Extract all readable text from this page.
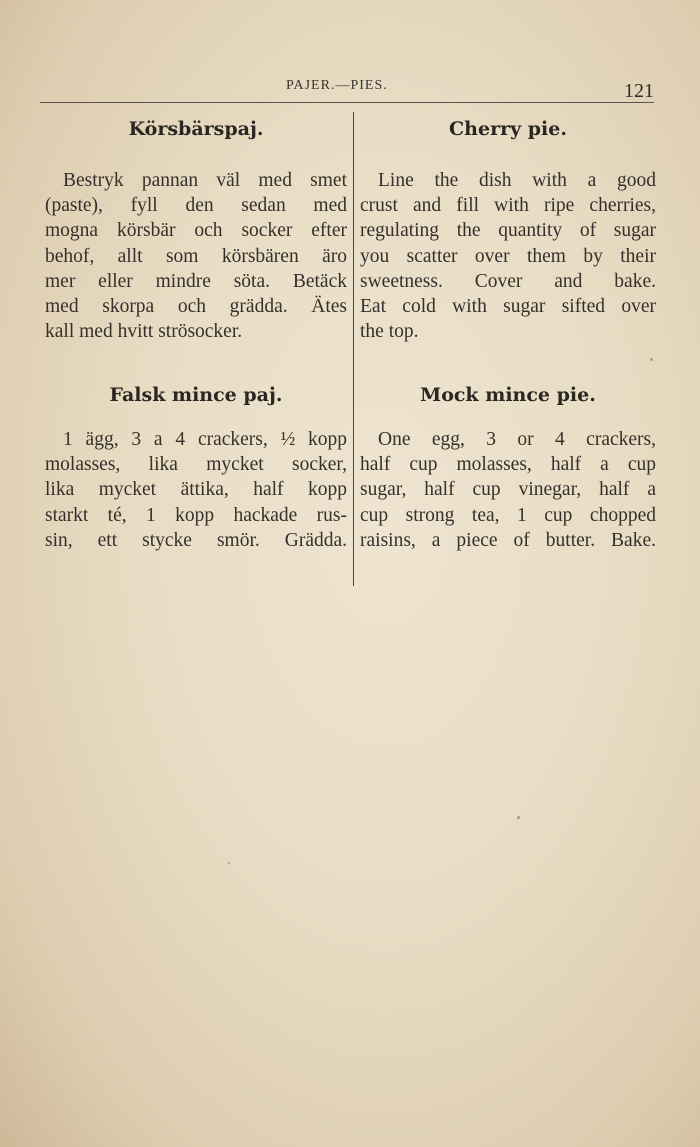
PAJER.—PIES.	121
Körsbärspaj.
Bestryk pannan väl med smet
(paste), fyll den sedan med
mogna körsbär och socker efter
behof, allt som körsbären äro
mer eller mindre söta. Betäck
med skorpa och grädda. Ätes
kall med hvitt strösocker.
Falsk mince paj.
1 ägg, 3 a 4 crackers, ½ kopp
molasses, lika mycket socker,
lika mycket ättika, half kopp
starkt té, 1 kopp hackade rus-
sin, ett stycke smör. Grädda.
Cherry pie.
Line the dish with a good
crust and fill with ripe cherries,
regulating the quantity of sugar
you scatter over them by their
sweetness. Cover and bake.
Eat cold with sugar sifted over
the top.
Mock mince pie.
One egg, 3 or 4 crackers,
half cup molasses, half a cup
sugar, half cup vinegar, half a
cup strong tea, 1 cup chopped
raisins, a piece of butter. Bake.
